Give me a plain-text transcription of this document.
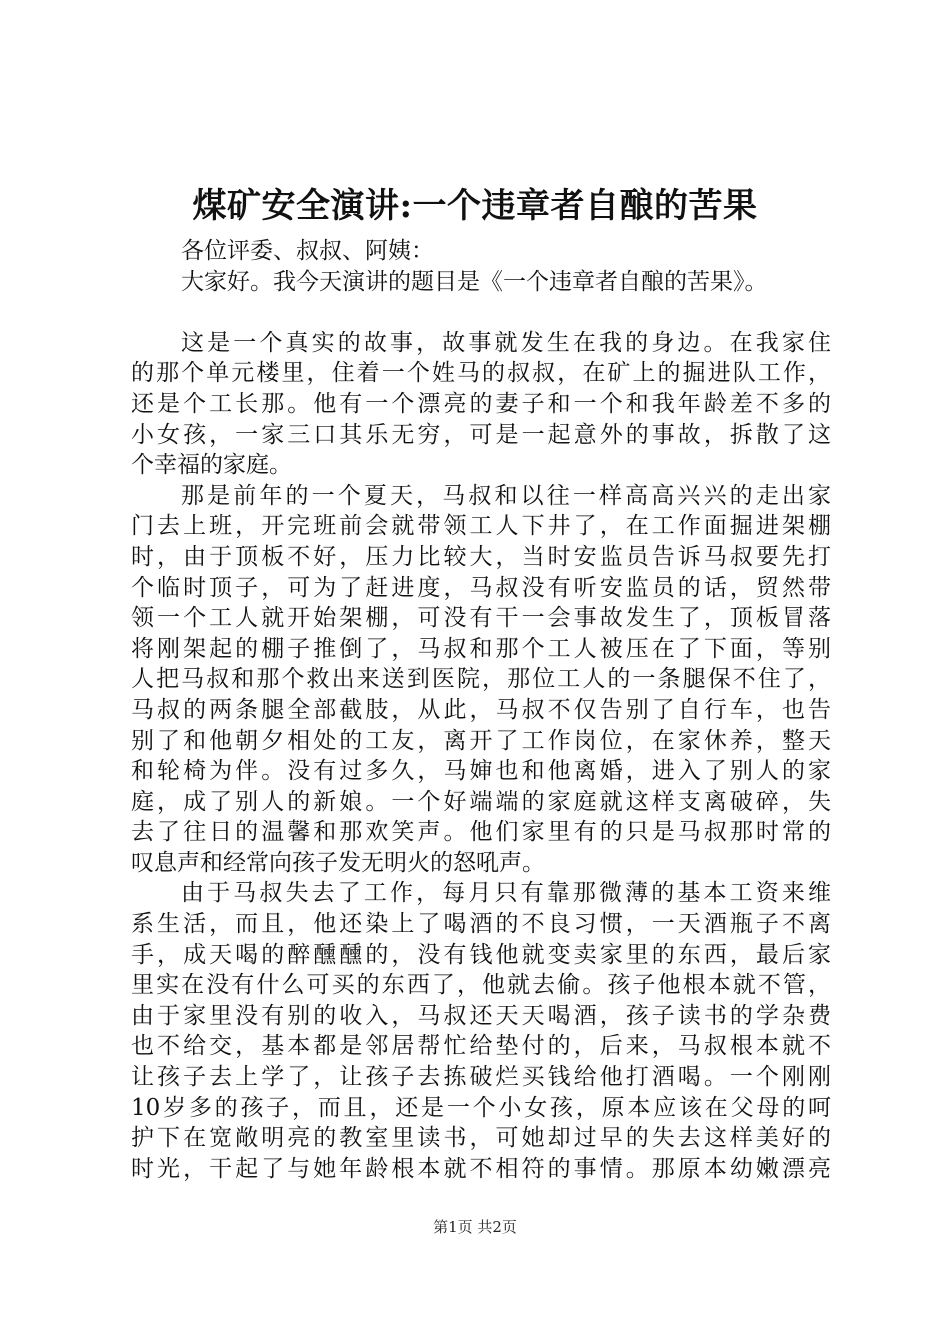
煤矿安全演讲:一个违章者自酿的苦果
各位评委、叔叔、阿姨：
大家好。我今天演讲的题目是《一个违章者自酿的苦果》。
这是一个真实的故事，故事就发生在我的身边。在我家住
的那个单元楼里，住着一个姓马的叔叔，在矿上的掘进队工作，
还是个工长那。他有一个漂亮的妻子和一个和我年龄差不多的
小女孩，一家三口其乐无穷，可是一起意外的事故，拆散了这
个幸福的家庭。
那是前年的一个夏天，马叔和以往一样高高兴兴的走出家
门去上班，开完班前会就带领工人下井了，在工作面掘进架棚
时，由于顶板不好，压力比较大，当时安监员告诉马叔要先打
个临时顶子，可为了赶进度，马叔没有听安监员的话，贸然带
领一个工人就开始架棚，可没有干一会事故发生了，顶板冒落
将刚架起的棚子推倒了，马叔和那个工人被压在了下面，等别
人把马叔和那个救出来送到医院，那位工人的一条腿保不住了，
马叔的两条腿全部截肢，从此，马叔不仅告别了自行车，也告
别了和他朝夕相处的工友，离开了工作岗位，在家休养，整天
和轮椅为伴。没有过多久，马婶也和他离婚，进入了别人的家
庭，成了别人的新娘。一个好端端的家庭就这样支离破碎，失
去了往日的温馨和那欢笑声。他们家里有的只是马叔那时常的
叹息声和经常向孩子发无明火的怒吼声。
由于马叔失去了工作，每月只有靠那微薄的基本工资来维
系生活，而且，他还染上了喝酒的不良习惯，一天酒瓶子不离
手，成天喝的醉醺醺的，没有钱他就变卖家里的东西，最后家
里实在没有什么可买的东西了，他就去偷。孩子他根本就不管，
由于家里没有别的收入，马叔还天天喝酒，孩子读书的学杂费
也不给交，基本都是邻居帮忙给垫付的，后来，马叔根本就不
让孩子去上学了，让孩子去拣破烂买钱给他打酒喝。一个刚刚
10岁多的孩子，而且，还是一个小女孩，原本应该在父母的呵
护下在宽敞明亮的教室里读书，可她却过早的失去这样美好的
时光，干起了与她年龄根本就不相符的事情。那原本幼嫩漂亮
第1页 共2页
